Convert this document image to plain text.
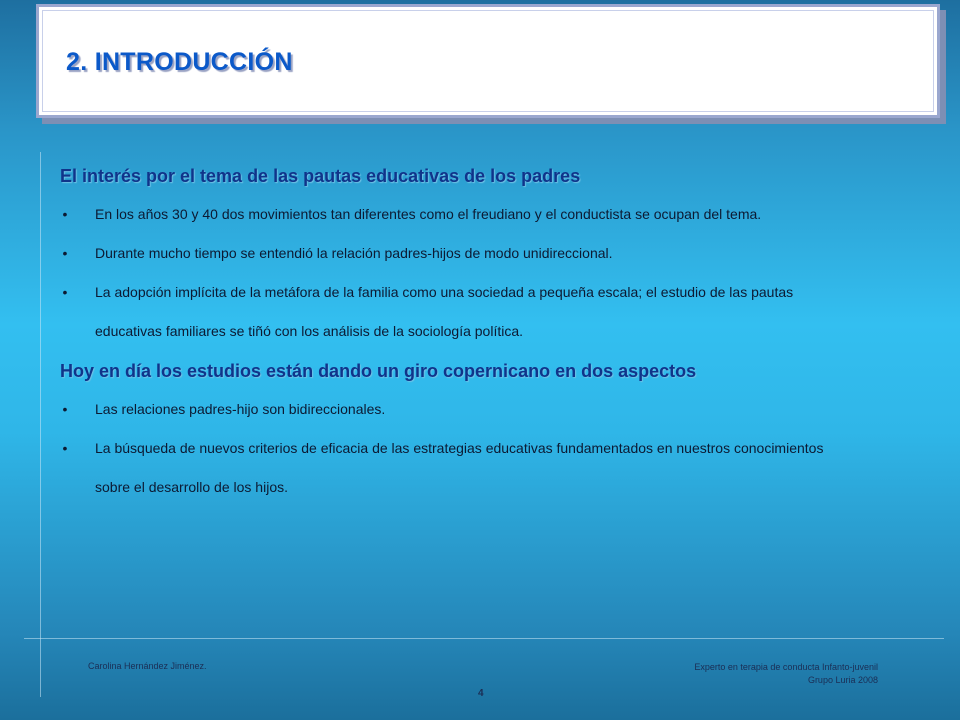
2. INTRODUCCIÓN
El interés por el tema de las pautas educativas de los padres
• En los años 30 y 40 dos movimientos tan diferentes como el freudiano y el conductista se ocupan del tema.
• Durante mucho tiempo se entendió la relación padres-hijos de modo unidireccional.
• La adopción implícita de la metáfora de la familia como una sociedad a pequeña escala; el estudio de las pautas
educativas familiares se tiñó con los análisis de la sociología política.
Hoy en día los estudios están dando un giro copernicano en dos aspectos
• Las relaciones padres-hijo son bidireccionales.
• La búsqueda de nuevos criterios de eficacia de las estrategias educativas fundamentados en nuestros conocimientos
sobre el desarrollo de los hijos.
Carolina Hernández Jiménez.	Experto en terapia de conducta Infanto-juvenil
Grupo Luria 2008
4
